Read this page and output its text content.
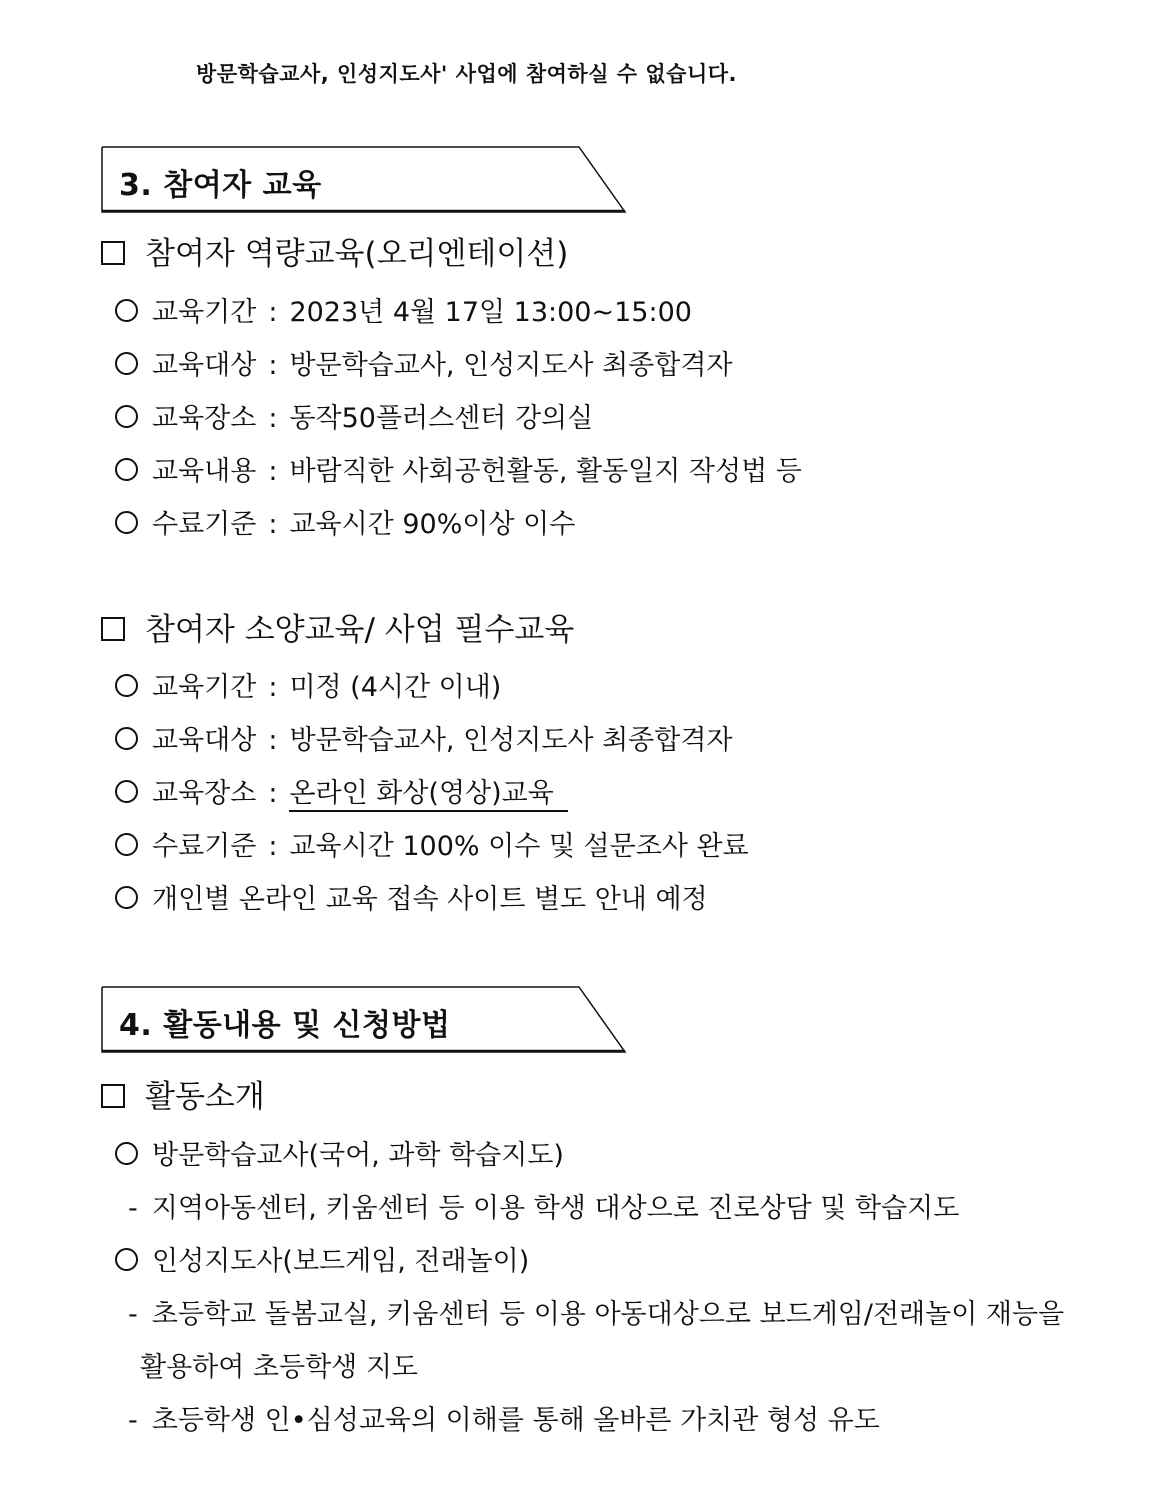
방문학습교사, 인성지도사' 사업에 참여하실 수 없습니다.
3. 참여자 교육
참여자 역량교육(오리엔테이션)
교육기간 : 2023년 4월 17일 13:00~15:00
교육대상 : 방문학습교사, 인성지도사 최종합격자
교육장소 : 동작50플러스센터 강의실
교육내용 : 바람직한 사회공헌활동, 활동일지 작성법 등
수료기준 : 교육시간 90%이상 이수
참여자 소양교육/ 사업 필수교육
교육기간 : 미정 (4시간 이내)
교육대상 : 방문학습교사, 인성지도사 최종합격자
교육장소 : 온라인 화상(영상)교육
수료기준 : 교육시간 100% 이수 및 설문조사 완료
개인별 온라인 교육 접속 사이트 별도 안내 예정
4. 활동내용 및 신청방법
활동소개
방문학습교사(국어, 과학 학습지도)
- 지역아동센터, 키움센터 등 이용 학생 대상으로 진로상담 및 학습지도
인성지도사(보드게임, 전래놀이)
- 초등학교 돌봄교실, 키움센터 등 이용 아동대상으로 보드게임/전래놀이 재능을
활용하여 초등학생 지도
- 초등학생 인•심성교육의 이해를 통해 올바른 가치관 형성 유도
